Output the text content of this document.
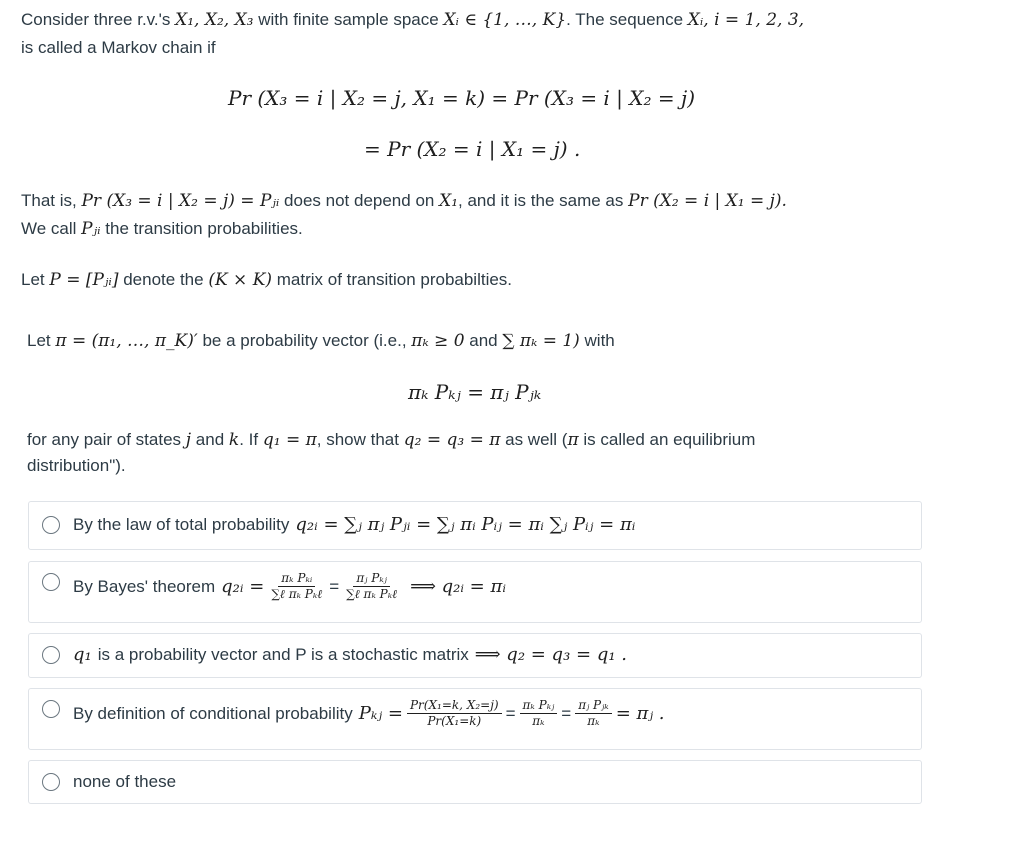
Consider three r.v.'s X₁, X₂, X₃ with finite sample space Xᵢ ∈ {1, …, K}. The sequence Xᵢ, i = 1, 2, 3,
is called a Markov chain if
Pr (X₃ = i | X₂ = j, X₁ = k) = Pr (X₃ = i | X₂ = j)
= Pr (X₂ = i | X₁ = j) .
That is, Pr (X₃ = i | X₂ = j) = Pⱼᵢ does not depend on X₁, and it is the same as Pr (X₂ = i | X₁ = j).
We call Pⱼᵢ the transition probabilities.
Let P = [Pⱼᵢ] denote the (K × K) matrix of transition probabilties.
Let π = (π₁, …, π_K)′ be a probability vector (i.e., πₖ ≥ 0 and ∑ πₖ = 1) with
πₖ Pₖⱼ = πⱼ Pⱼₖ
for any pair of states j and k. If q₁ = π, show that q₂ = q₃ = π as well (π is called an equilibrium distribution").
By the law of total probability q₂ᵢ = ∑ⱼ πⱼ Pⱼᵢ = ∑ⱼ πᵢ Pᵢⱼ = πᵢ ∑ⱼ Pᵢⱼ = πᵢ
By Bayes' theorem q₂ᵢ = $\frac{\text{πₖ Pₖᵢ}}{\text{∑ℓ πₖ Pₖℓ}} = \frac{\text{πⱼ Pₖⱼ}}{\text{∑ℓ πₖ Pₖℓ}}$ ⟹ q₂ᵢ = πᵢ
q₁ is a probability vector and P is a stochastic matrix ⟹ q₂ = q₃ = q₁ .
By definition of conditional probability Pₖⱼ = $\frac{\text{Pr(X₁=k, X₂=j)}}{\text{Pr(X₁=k)}} = \frac{\text{πₖ Pₖⱼ}}{\text{πₖ}} = \frac{\text{πⱼ Pⱼₖ}}{\text{πₖ}}$ = πⱼ .
none of these
